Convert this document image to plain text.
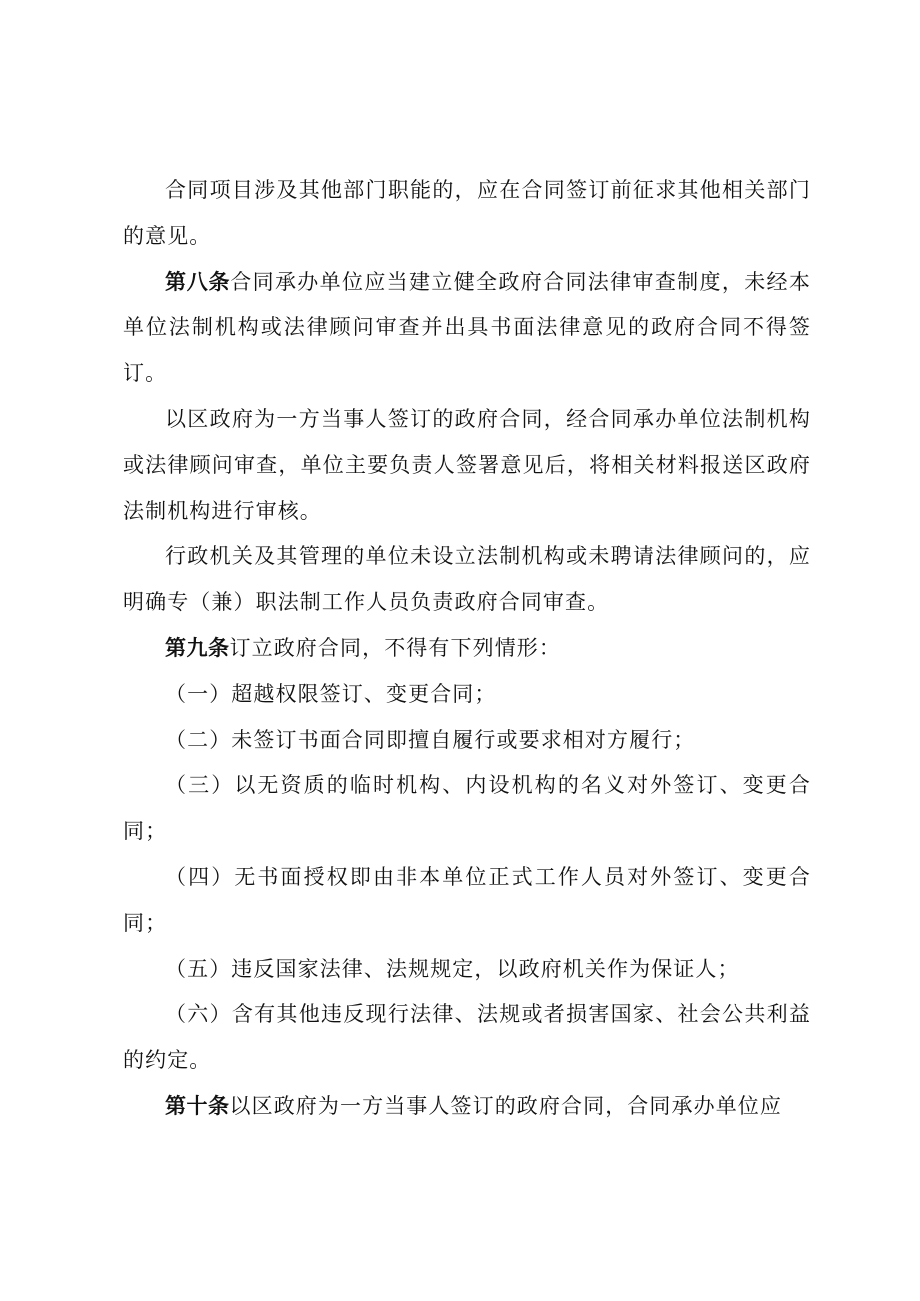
合同项目涉及其他部门职能的，应在合同签订前征求其他相关部门的意见。

第八条合同承办单位应当建立健全政府合同法律审查制度，未经本单位法制机构或法律顾问审查并出具书面法律意见的政府合同不得签订。

以区政府为一方当事人签订的政府合同，经合同承办单位法制机构或法律顾问审查，单位主要负责人签署意见后，将相关材料报送区政府法制机构进行审核。

行政机关及其管理的单位未设立法制机构或未聘请法律顾问的，应明确专（兼）职法制工作人员负责政府合同审查。

第九条订立政府合同，不得有下列情形：

（一）超越权限签订、变更合同；

（二）未签订书面合同即擅自履行或要求相对方履行；

（三）以无资质的临时机构、内设机构的名义对外签订、变更合同；

（四）无书面授权即由非本单位正式工作人员对外签订、变更合同；

（五）违反国家法律、法规规定，以政府机关作为保证人；

（六）含有其他违反现行法律、法规或者损害国家、社会公共利益的约定。

第十条以区政府为一方当事人签订的政府合同，合同承办单位应
